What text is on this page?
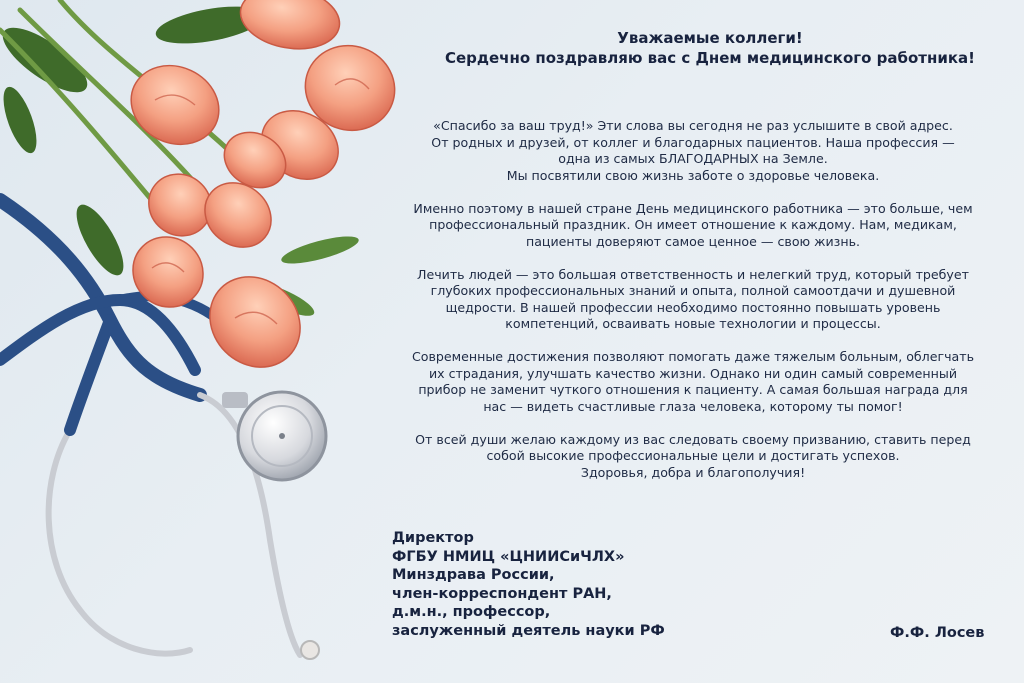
Уважаемые коллеги!
Сердечно поздравляю вас с Днем медицинского работника!

«Спасибо за ваш труд!» Эти слова вы сегодня не раз услышите в свой адрес.
От родных и друзей, от коллег и благодарных пациентов. Наша профессия —
одна из самых БЛАГОДАРНЫХ на Земле.
Мы посвятили свою жизнь заботе о здоровье человека.

Именно поэтому в нашей стране День медицинского работника — это больше, чем
профессиональный праздник. Он имеет отношение к каждому. Нам, медикам,
пациенты доверяют самое ценное — свою жизнь.

Лечить людей — это большая ответственность и нелегкий труд, который требует
глубоких профессиональных знаний и опыта, полной самоотдачи и душевной
щедрости. В нашей профессии необходимо постоянно повышать уровень
компетенций, осваивать новые технологии и процессы.

Современные достижения позволяют помогать даже тяжелым больным, облегчать
их страдания, улучшать качество жизни. Однако ни один самый современный
прибор не заменит чуткого отношения к пациенту. А самая большая награда для
нас — видеть счастливые глаза человека, которому ты помог!

От всей души желаю каждому из вас следовать своему призванию, ставить перед
собой высокие профессиональные цели и достигать успехов.
Здоровья, добра и благополучия!

Директор
ФГБУ НМИЦ «ЦНИИСиЧЛХ»
Минздрава России,
член-корреспондент РАН,
д.м.н., профессор,
заслуженный деятель науки РФ	Ф.Ф. Лосев
